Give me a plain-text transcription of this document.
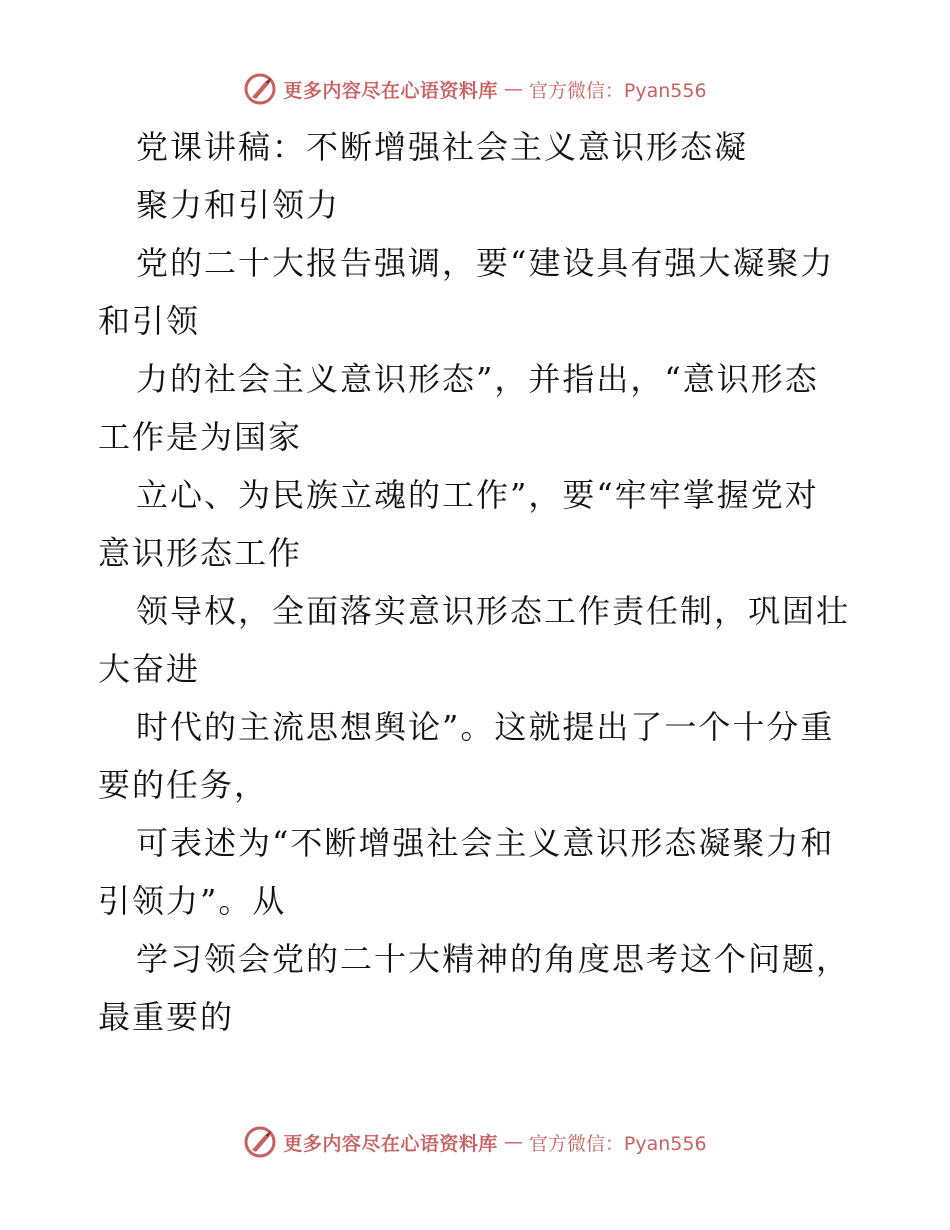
更多内容尽在心语资料库 — 官方微信：Pyan556
党课讲稿：不断增强社会主义意识形态凝
聚力和引领力
党的二十大报告强调，要“建设具有强大凝聚力
和引领
力的社会主义意识形态”，并指出，“意识形态
工作是为国家
立心、为民族立魂的工作”，要“牢牢掌握党对
意识形态工作
领导权，全面落实意识形态工作责任制，巩固壮
大奋进
时代的主流思想舆论”。这就提出了一个十分重
要的任务，
可表述为“不断增强社会主义意识形态凝聚力和
引领力”。从
学习领会党的二十大精神的角度思考这个问题，
最重要的
更多内容尽在心语资料库 — 官方微信：Pyan556
